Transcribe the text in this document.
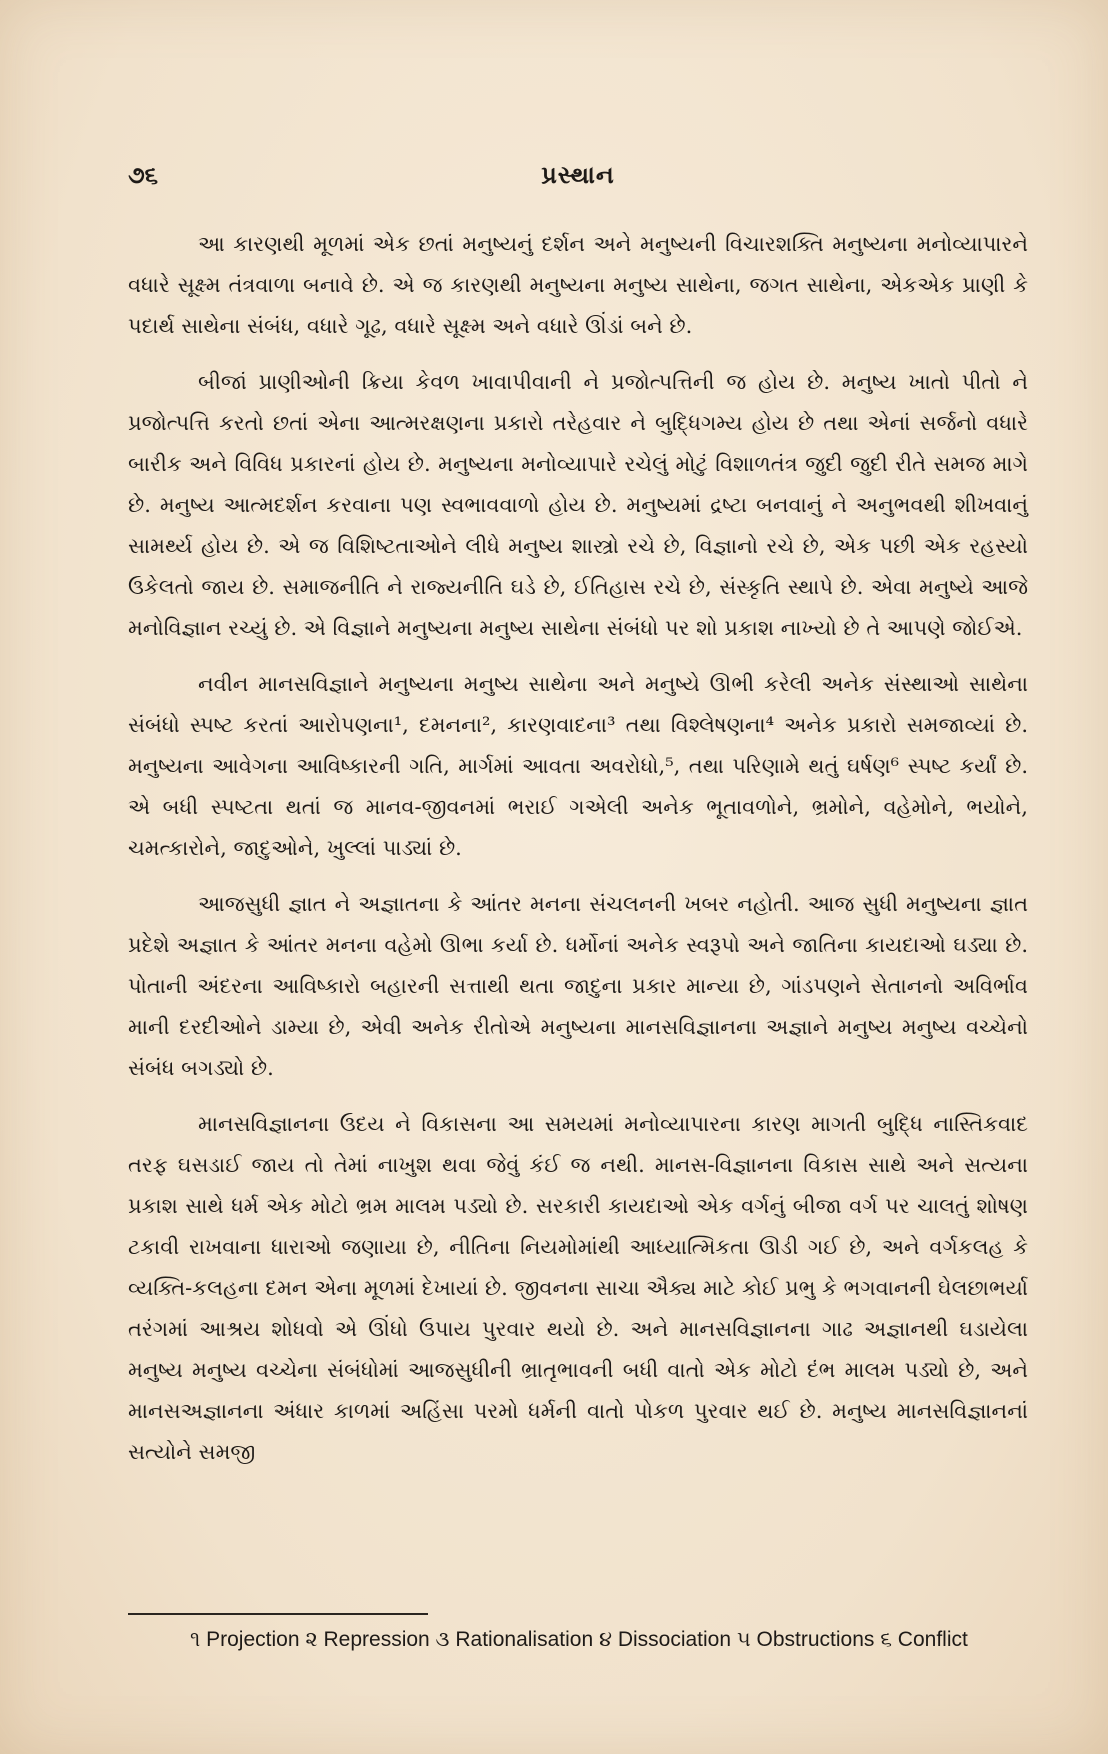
૭૬	પ્રસ્થાન

આ કારણથી મૂળમાં એક છતાં મનુષ્યનું દર્શન અને મનુષ્યની વિચારશક્તિ મનુષ્યના મનોવ્યાપારને વધારે સૂક્ષ્મ તંત્રવાળા બનાવે છે. એ જ કારણથી મનુષ્યના મનુષ્ય સાથેના, જગત સાથેના, એકએક પ્રાણી કે પદાર્થ સાથેના સંબંધ, વધારે ગૂઢ, વધારે સૂક્ષ્મ અને વધારે ઊંડાં બને છે.

બીજાં પ્રાણીઓની ક્રિયા કેવળ ખાવાપીવાની ને પ્રજોત્પત્તિની જ હોય છે. મનુષ્ય ખાતો પીતો ને પ્રજોત્પત્તિ કરતો છતાં એના આત્મરક્ષણના પ્રકારો તરેહવાર ને બુદ્ધિગમ્ય હોય છે તથા એનાં સર્જનો વધારે બારીક અને વિવિધ પ્રકારનાં હોય છે. મનુષ્યના મનોવ્યાપારે રચેલું મોટું વિશાળતંત્ર જુદી જુદી રીતે સમજ માગે છે. મનુષ્ય આત્મદર્શન કરવાના પણ સ્વભાવવાળો હોય છે. મનુષ્યમાં દ્રષ્ટા બનવાનું ને અનુભવથી શીખવાનું સામર્થ્ય હોય છે. એ જ વિશિષ્ટતાઓને લીધે મનુષ્ય શાસ્ત્રો રચે છે, વિજ્ઞાનો રચે છે, એક પછી એક રહસ્યો ઉકેલતો જાય છે. સમાજનીતિ ને રાજ્યનીતિ ઘડે છે, ઈતિહાસ રચે છે, સંસ્કૃતિ સ્થાપે છે. એવા મનુષ્યે આજે મનોવિજ્ઞાન રચ્યું છે. એ વિજ્ઞાને મનુષ્યના મનુષ્ય સાથેના સંબંધો પર શો પ્રકાશ નાખ્યો છે તે આપણે જોઈએ.

નવીન માનસવિજ્ઞાને મનુષ્યના મનુષ્ય સાથેના અને મનુષ્યે ઊભી કરેલી અનેક સંસ્થાઓ સાથેના સંબંધો સ્પષ્ટ કરતાં આરોપણના¹, દમનના², કારણવાદના³ તથા વિશ્લેષણના⁴ અનેક પ્રકારો સમજાવ્યાં છે. મનુષ્યના આવેગના આવિષ્કારની ગતિ, માર્ગમાં આવતા અવરોધો,⁵, તથા પરિણામે થતું ઘર્ષણ⁶ સ્પષ્ટ કર્યાં છે. એ બધી સ્પષ્ટતા થતાં જ માનવ-જીવનમાં ભરાઈ ગએલી અનેક ભૂતાવળોને, ભ્રમોને, વહેમોને, ભયોને, ચમત્કારોને, જાદુઓને, ખુલ્લાં પાડ્યાં છે.

આજસુધી જ્ઞાત ને અજ્ઞાતના કે આંતર મનના સંચલનની ખબર નહોતી. આજ સુધી મનુષ્યના જ્ઞાત પ્રદેશે અજ્ઞાત કે આંતર મનના વહેમો ઊભા કર્યા છે. ધર્મોનાં અનેક સ્વરૂપો અને જાતિના કાયદાઓ ઘડ્યા છે. પોતાની અંદરના આવિષ્કારો બહારની સત્તાથી થતા જાદુના પ્રકાર માન્યા છે, ગાંડપણને સેતાનનો અવિર્ભાવ માની દરદીઓને ડામ્યા છે, એવી અનેક રીતોએ મનુષ્યના માનસવિજ્ઞાનના અજ્ઞાને મનુષ્ય મનુષ્ય વચ્ચેનો સંબંધ બગડ્યો છે.

માનસવિજ્ઞાનના ઉદય ને વિકાસના આ સમયમાં મનોવ્યાપારના કારણ માગતી બુદ્ધિ નાસ્તિકવાદ તરફ ઘસડાઈ જાય તો તેમાં નાખુશ થવા જેવું કંઈ જ નથી. માનસ-વિજ્ઞાનના વિકાસ સાથે અને સત્યના પ્રકાશ સાથે ધર્મ એક મોટો ભ્રમ માલમ પડ્યો છે. સરકારી કાયદાઓ એક વર્ગનું બીજા વર્ગ પર ચાલતું શોષણ ટકાવી રાખવાના ધારાઓ જણાયા છે, નીતિના નિયમોમાંથી આધ્યાત્મિકતા ઊડી ગઈ છે, અને વર્ગકલહ કે વ્યક્તિ-કલહના દમન એના મૂળમાં દેખાયાં છે. જીવનના સાચા ઐક્ય માટે કોઈ પ્રભુ કે ભગવાનની ઘેલછાભર્યા તરંગમાં આશ્રય શોધવો એ ઊંધો ઉપાય પુરવાર થયો છે. અને માનસવિજ્ઞાનના ગાઢ અજ્ઞાનથી ઘડાયેલા મનુષ્ય મનુષ્ય વચ્ચેના સંબંધોમાં આજસુધીની ભ્રાતૃભાવની બધી વાતો એક મોટો દંભ માલમ પડ્યો છે, અને માનસઅજ્ઞાનના અંધાર કાળમાં અહિંસા પરમો ધર્મની વાતો પોકળ પુરવાર થઈ છે. મનુષ્ય માનસવિજ્ઞાનનાં સત્યોને સમજી

૧ Projection ૨ Repression ૩ Rationalisation ૪ Dissociation ૫ Obstructions ૬ Conflict
